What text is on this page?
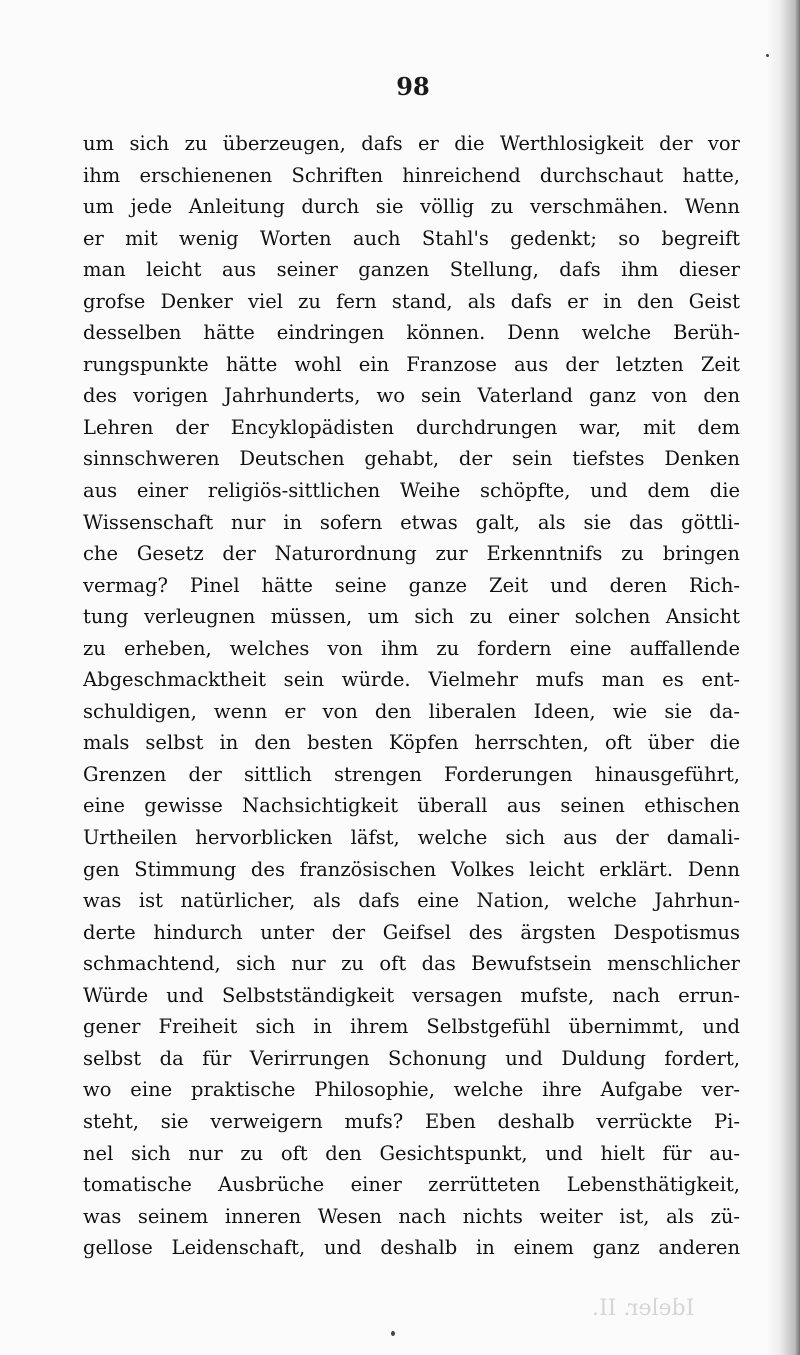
98
um sich zu überzeugen, dafs er die Werthlosigkeit der vor
ihm erschienenen Schriften hinreichend durchschaut hatte,
um jede Anleitung durch sie völlig zu verschmähen. Wenn
er mit wenig Worten auch Stahl's gedenkt; so begreift
man leicht aus seiner ganzen Stellung, dafs ihm dieser
grofse Denker viel zu fern stand, als dafs er in den Geist
desselben hätte eindringen können. Denn welche Berüh-
rungspunkte hätte wohl ein Franzose aus der letzten Zeit
des vorigen Jahrhunderts, wo sein Vaterland ganz von den
Lehren der Encyklopädisten durchdrungen war, mit dem
sinnschweren Deutschen gehabt, der sein tiefstes Denken
aus einer religiös-sittlichen Weihe schöpfte, und dem die
Wissenschaft nur in sofern etwas galt, als sie das göttli-
che Gesetz der Naturordnung zur Erkenntnifs zu bringen
vermag? Pinel hätte seine ganze Zeit und deren Rich-
tung verleugnen müssen, um sich zu einer solchen Ansicht
zu erheben, welches von ihm zu fordern eine auffallende
Abgeschmacktheit sein würde. Vielmehr mufs man es ent-
schuldigen, wenn er von den liberalen Ideen, wie sie da-
mals selbst in den besten Köpfen herrschten, oft über die
Grenzen der sittlich strengen Forderungen hinausgeführt,
eine gewisse Nachsichtigkeit überall aus seinen ethischen
Urtheilen hervorblicken läfst, welche sich aus der damali-
gen Stimmung des französischen Volkes leicht erklärt. Denn
was ist natürlicher, als dafs eine Nation, welche Jahrhun-
derte hindurch unter der Geifsel des ärgsten Despotismus
schmachtend, sich nur zu oft das Bewufstsein menschlicher
Würde und Selbstständigkeit versagen mufste, nach errun-
gener Freiheit sich in ihrem Selbstgefühl übernimmt, und
selbst da für Verirrungen Schonung und Duldung fordert,
wo eine praktische Philosophie, welche ihre Aufgabe ver-
steht, sie verweigern mufs? Eben deshalb verrückte Pi-
nel sich nur zu oft den Gesichtspunkt, und hielt für au-
tomatische Ausbrüche einer zerrütteten Lebensthätigkeit,
was seinem inneren Wesen nach nichts weiter ist, als zü-
gellose Leidenschaft, und deshalb in einem ganz anderen
Ideler. II.
